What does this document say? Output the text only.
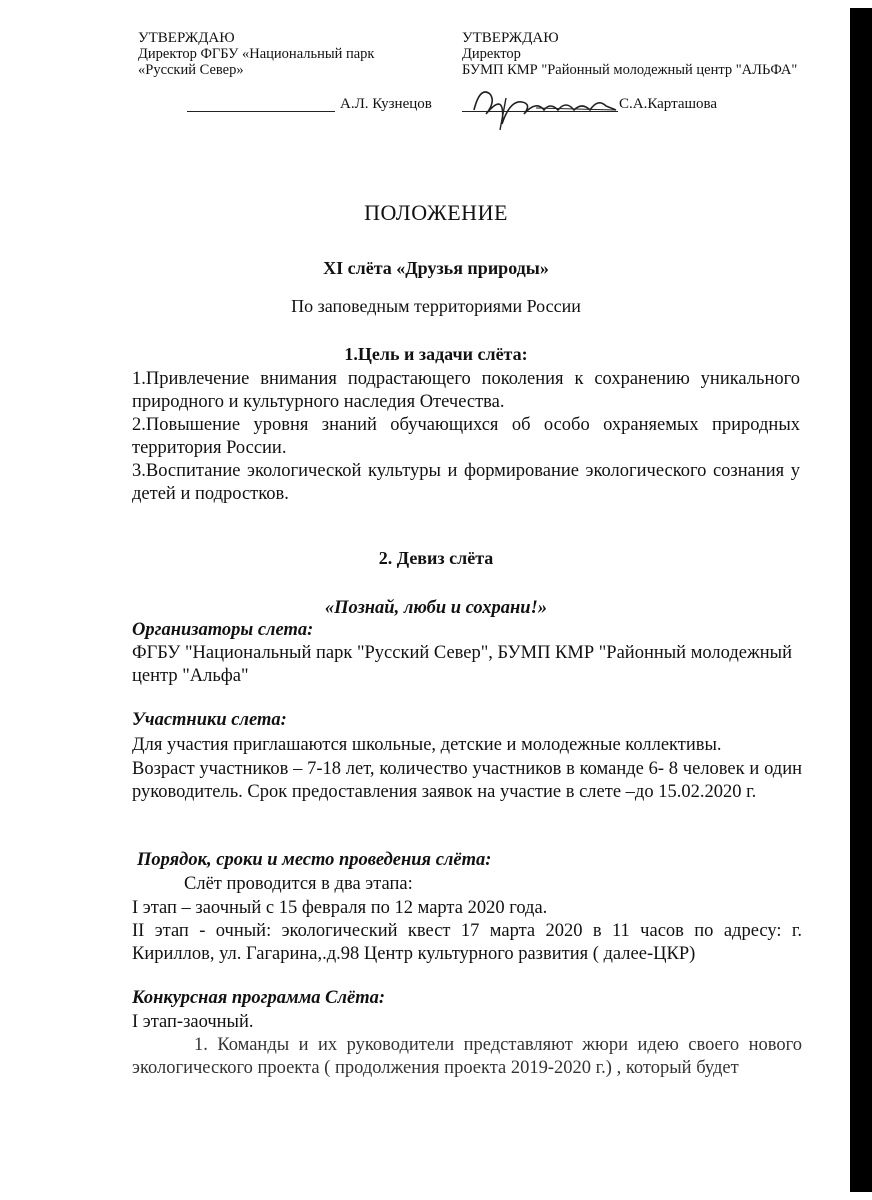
УТВЕРЖДАЮ
Директор ФГБУ «Национальный парк
«Русский Север»
А.Л. Кузнецов
УТВЕРЖДАЮ
Директор
БУМП КМР "Районный молодежный центр "АЛЬФА"
С.А.Карташова
ПОЛОЖЕНИЕ
XI слёта «Друзья природы»
По заповедным территориями России
1.Цель и задачи слёта:
1.Привлечение внимания подрастающего поколения к сохранению уникального природного и культурного наследия Отечества.
2.Повышение уровня знаний обучающихся об особо охраняемых природных территория России.
3.Воспитание экологической культуры и формирование экологического сознания у детей и подростков.
2. Девиз слёта
«Познай, люби и сохрани!»
Организаторы слета:
ФГБУ "Национальный парк "Русский Север", БУМП КМР "Районный молодежный центр "Альфа"
Участники слета:
Для участия приглашаются школьные, детские и молодежные коллективы.
Возраст участников – 7-18 лет, количество участников в команде 6- 8 человек и один руководитель. Срок предоставления заявок на участие в слете –до 15.02.2020 г.
Порядок, сроки и место проведения слёта:
Слёт проводится в два этапа:
I этап – заочный с 15 февраля по 12 марта 2020 года.
II этап - очный: экологический квест 17 марта 2020 в 11 часов по адресу: г. Кириллов, ул. Гагарина,.д.98 Центр культурного развития ( далее-ЦКР)
Конкурсная программа Слёта:
I этап-заочный.
1. Команды и их руководители представляют жюри идею своего нового экологического проекта ( продолжения проекта 2019-2020 г.) , который будет
